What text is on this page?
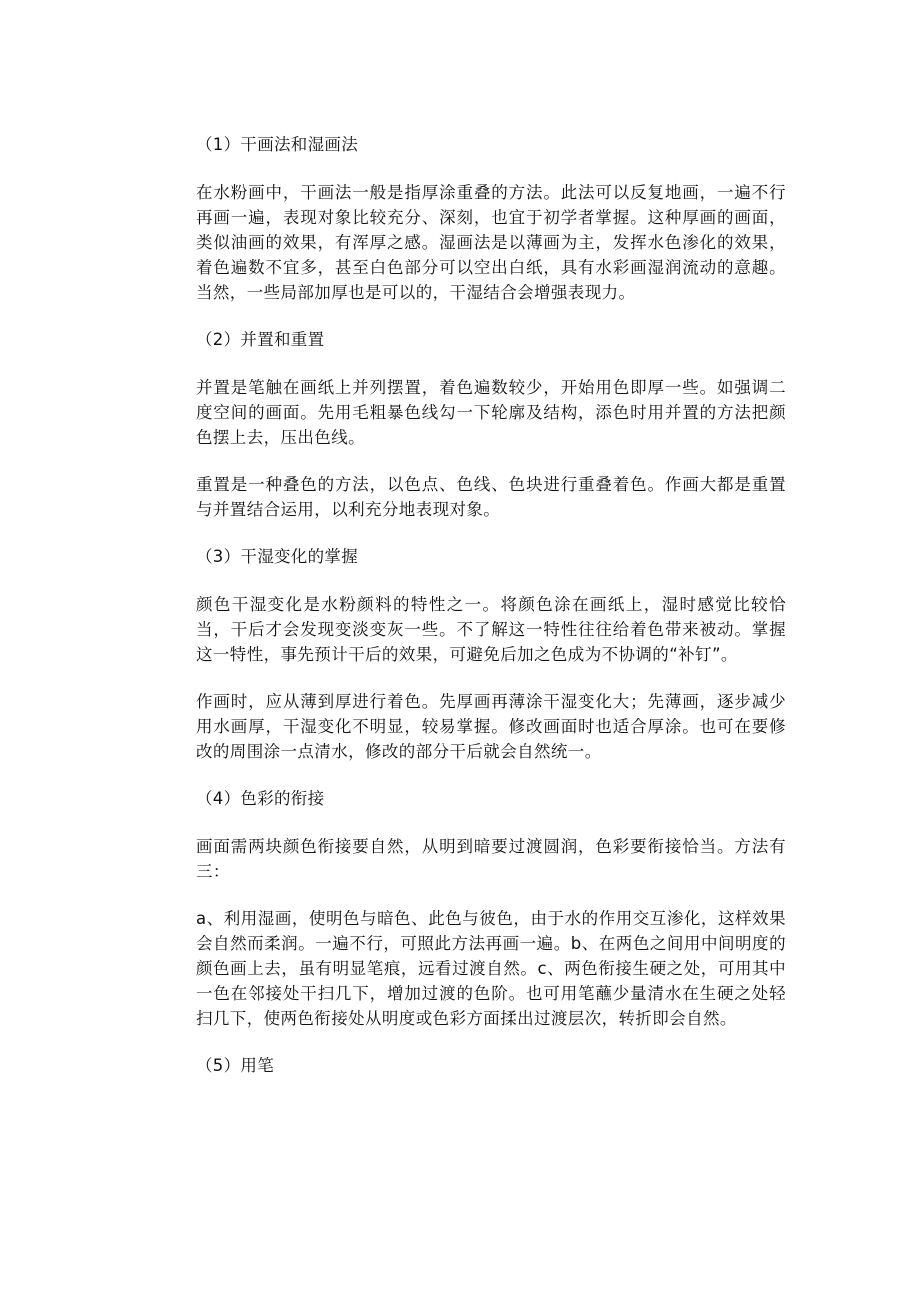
（1）干画法和湿画法
在水粉画中，干画法一般是指厚涂重叠的方法。此法可以反复地画，一遍不行再画一遍，表现对象比较充分、深刻，也宜于初学者掌握。这种厚画的画面，类似油画的效果，有浑厚之感。湿画法是以薄画为主，发挥水色渗化的效果，着色遍数不宜多，甚至白色部分可以空出白纸，具有水彩画湿润流动的意趣。当然，一些局部加厚也是可以的，干湿结合会增强表现力。
（2）并置和重置
并置是笔触在画纸上并列摆置，着色遍数较少，开始用色即厚一些。如强调二度空间的画面。先用毛粗暴色线勾一下轮廓及结构，添色时用并置的方法把颜色摆上去，压出色线。
重置是一种叠色的方法，以色点、色线、色块进行重叠着色。作画大都是重置与并置结合运用，以利充分地表现对象。
（3）干湿变化的掌握
颜色干湿变化是水粉颜料的特性之一。将颜色涂在画纸上，湿时感觉比较恰当，干后才会发现变淡变灰一些。不了解这一特性往往给着色带来被动。掌握这一特性，事先预计干后的效果，可避免后加之色成为不协调的“补钉”。
作画时，应从薄到厚进行着色。先厚画再薄涂干湿变化大；先薄画，逐步减少用水画厚，干湿变化不明显，较易掌握。修改画面时也适合厚涂。也可在要修改的周围涂一点清水，修改的部分干后就会自然统一。
（4）色彩的衔接
画面需两块颜色衔接要自然，从明到暗要过渡圆润，色彩要衔接恰当。方法有三：
a、利用湿画，使明色与暗色、此色与彼色，由于水的作用交互渗化，这样效果会自然而柔润。一遍不行，可照此方法再画一遍。b、在两色之间用中间明度的颜色画上去，虽有明显笔痕，远看过渡自然。c、两色衔接生硬之处，可用其中一色在邻接处干扫几下，增加过渡的色阶。也可用笔蘸少量清水在生硬之处轻扫几下，使两色衔接处从明度或色彩方面揉出过渡层次，转折即会自然。
（5）用笔
